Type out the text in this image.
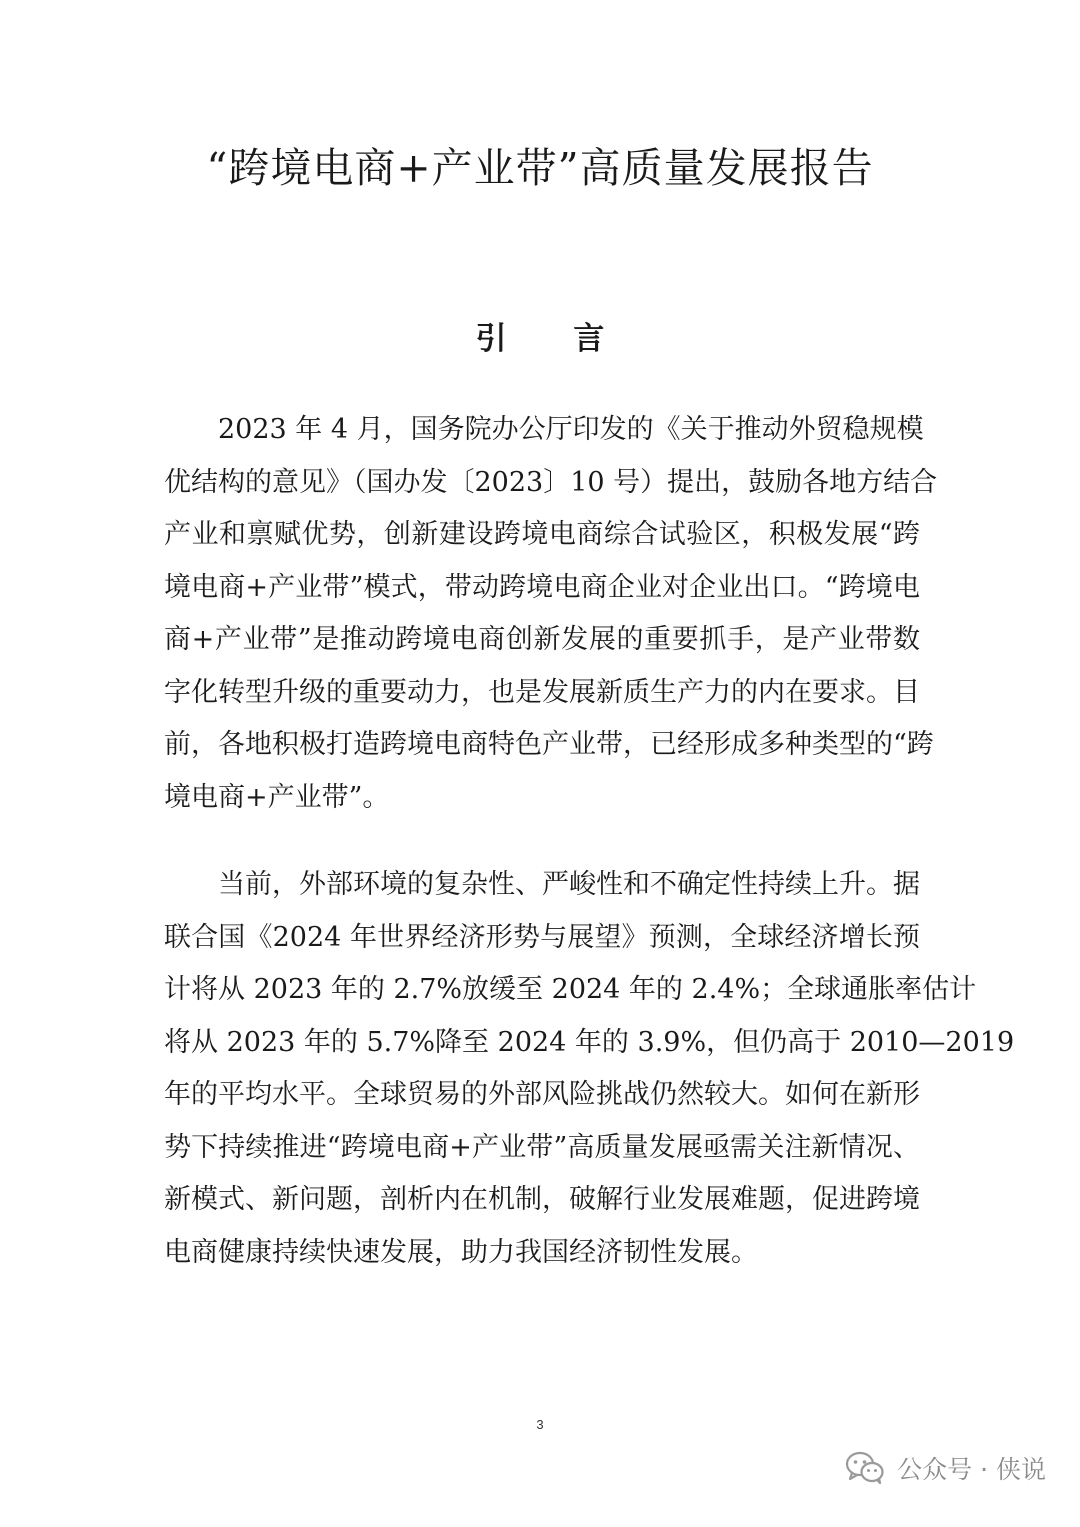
“跨境电商+产业带”高质量发展报告
引 言
2023 年 4 月，国务院办公厅印发的《关于推动外贸稳规模
优结构的意见》（国办发〔2023〕10 号）提出，鼓励各地方结合
产业和禀赋优势，创新建设跨境电商综合试验区，积极发展“跨
境电商+产业带”模式，带动跨境电商企业对企业出口。“跨境电
商+产业带”是推动跨境电商创新发展的重要抓手，是产业带数
字化转型升级的重要动力，也是发展新质生产力的内在要求。目
前，各地积极打造跨境电商特色产业带，已经形成多种类型的“跨
境电商+产业带”。
当前，外部环境的复杂性、严峻性和不确定性持续上升。据
联合国《2024 年世界经济形势与展望》预测，全球经济增长预
计将从 2023 年的 2.7%放缓至 2024 年的 2.4%；全球通胀率估计
将从 2023 年的 5.7%降至 2024 年的 3.9%，但仍高于 2010—2019
年的平均水平。全球贸易的外部风险挑战仍然较大。如何在新形
势下持续推进“跨境电商+产业带”高质量发展亟需关注新情况、
新模式、新问题，剖析内在机制，破解行业发展难题，促进跨境
电商健康持续快速发展，助力我国经济韧性发展。
3
公众号 · 侠说
